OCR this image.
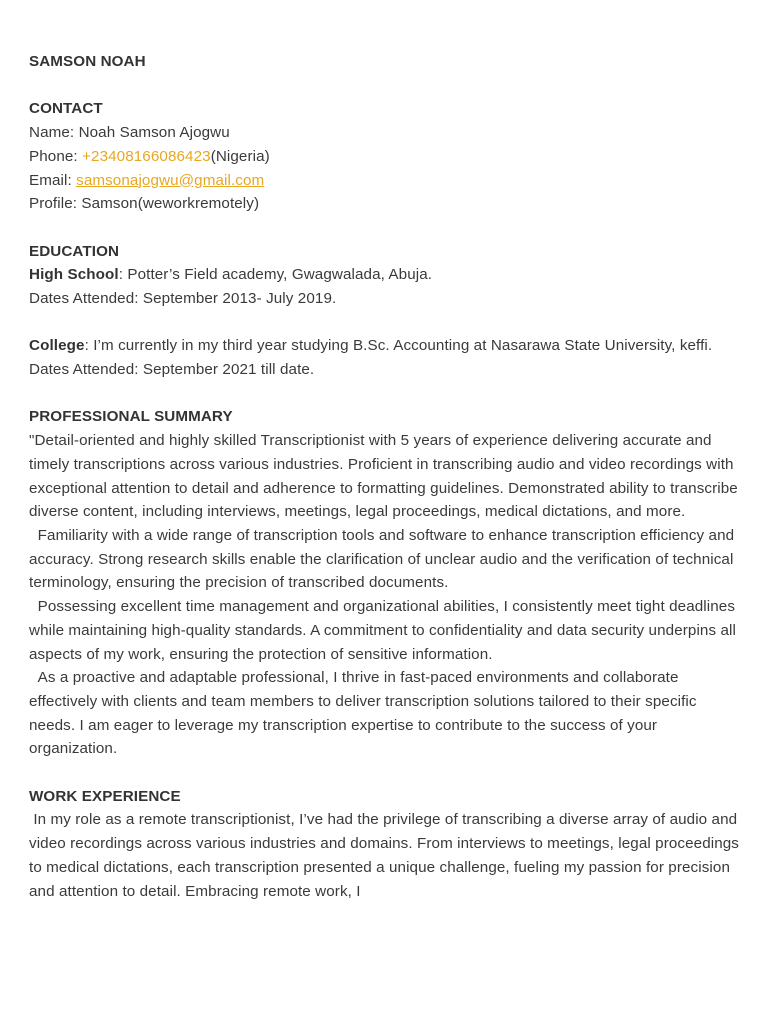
SAMSON NOAH
CONTACT
Name: Noah Samson Ajogwu
Phone: +23408166086423(Nigeria)
Email: samsonajogwu@gmail.com
Profile: Samson(weworkremotely)
EDUCATION
High School: Potter’s Field academy, Gwagwalada, Abuja.
Dates Attended: September 2013- July 2019.

College: I’m currently in my third year studying B.Sc. Accounting at Nasarawa State University, keffi.

Dates Attended: September 2021 till date.
PROFESSIONAL SUMMARY

"Detail-oriented and highly skilled Transcriptionist with 5 years of experience delivering accurate and timely transcriptions across various industries. Proficient in transcribing audio and video recordings with exceptional attention to detail and adherence to formatting guidelines. Demonstrated ability to transcribe diverse content, including interviews, meetings, legal proceedings, medical dictations, and more.

Familiarity with a wide range of transcription tools and software to enhance transcription efficiency and accuracy. Strong research skills enable the clarification of unclear audio and the verification of technical terminology, ensuring the precision of transcribed documents.

Possessing excellent time management and organizational abilities, I consistently meet tight deadlines while maintaining high-quality standards. A commitment to confidentiality and data security underpins all aspects of my work, ensuring the protection of sensitive information.

As a proactive and adaptable professional, I thrive in fast-paced environments and collaborate effectively with clients and team members to deliver transcription solutions tailored to their specific needs. I am eager to leverage my transcription expertise to contribute to the success of your organization.

WORK EXPERIENCE

In my role as a remote transcriptionist, I’ve had the privilege of transcribing a diverse array of audio and video recordings across various industries and domains. From interviews to meetings, legal proceedings to medical dictations, each transcription presented a unique challenge, fueling my passion for precision and attention to detail. Embracing remote work, I
